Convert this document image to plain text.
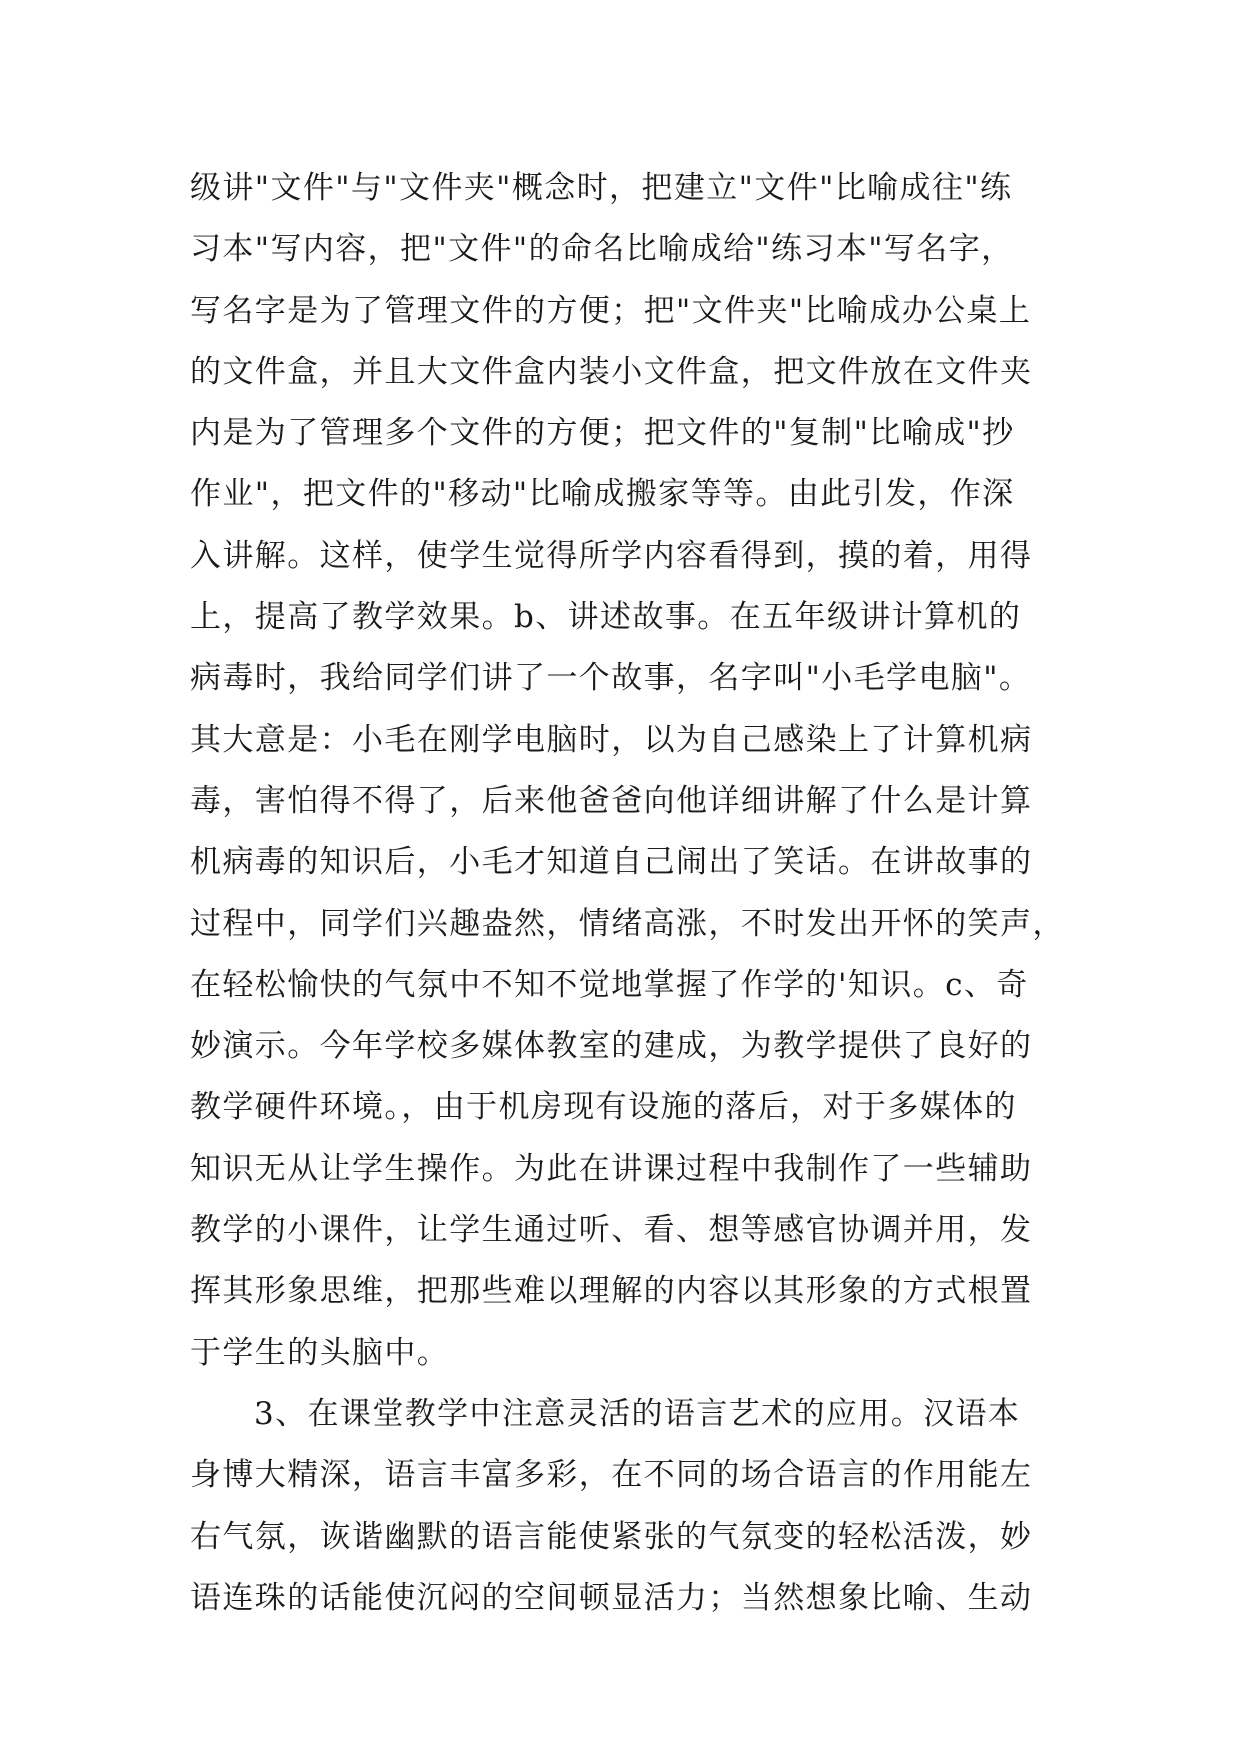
级讲"文件"与"文件夹"概念时，把建立"文件"比喻成往"练
习本"写内容，把"文件"的命名比喻成给"练习本"写名字，
写名字是为了管理文件的方便；把"文件夹"比喻成办公桌上
的文件盒，并且大文件盒内装小文件盒，把文件放在文件夹
内是为了管理多个文件的方便；把文件的"复制"比喻成"抄
作业"，把文件的"移动"比喻成搬家等等。由此引发，作深
入讲解。这样，使学生觉得所学内容看得到，摸的着，用得
上，提高了教学效果。b、讲述故事。在五年级讲计算机的
病毒时，我给同学们讲了一个故事，名字叫"小毛学电脑"。
其大意是：小毛在刚学电脑时，以为自己感染上了计算机病
毒，害怕得不得了，后来他爸爸向他详细讲解了什么是计算
机病毒的知识后，小毛才知道自己闹出了笑话。在讲故事的
过程中，同学们兴趣盎然，情绪高涨，不时发出开怀的笑声，
在轻松愉快的气氛中不知不觉地掌握了作学的'知识。c、奇
妙演示。今年学校多媒体教室的建成，为教学提供了良好的
教学硬件环境。，由于机房现有设施的落后，对于多媒体的
知识无从让学生操作。为此在讲课过程中我制作了一些辅助
教学的小课件，让学生通过听、看、想等感官协调并用，发
挥其形象思维，把那些难以理解的内容以其形象的方式根置
于学生的头脑中。
3、在课堂教学中注意灵活的语言艺术的应用。汉语本
身博大精深，语言丰富多彩，在不同的场合语言的作用能左
右气氛，诙谐幽默的语言能使紧张的气氛变的轻松活泼，妙
语连珠的话能使沉闷的空间顿显活力；当然想象比喻、生动
